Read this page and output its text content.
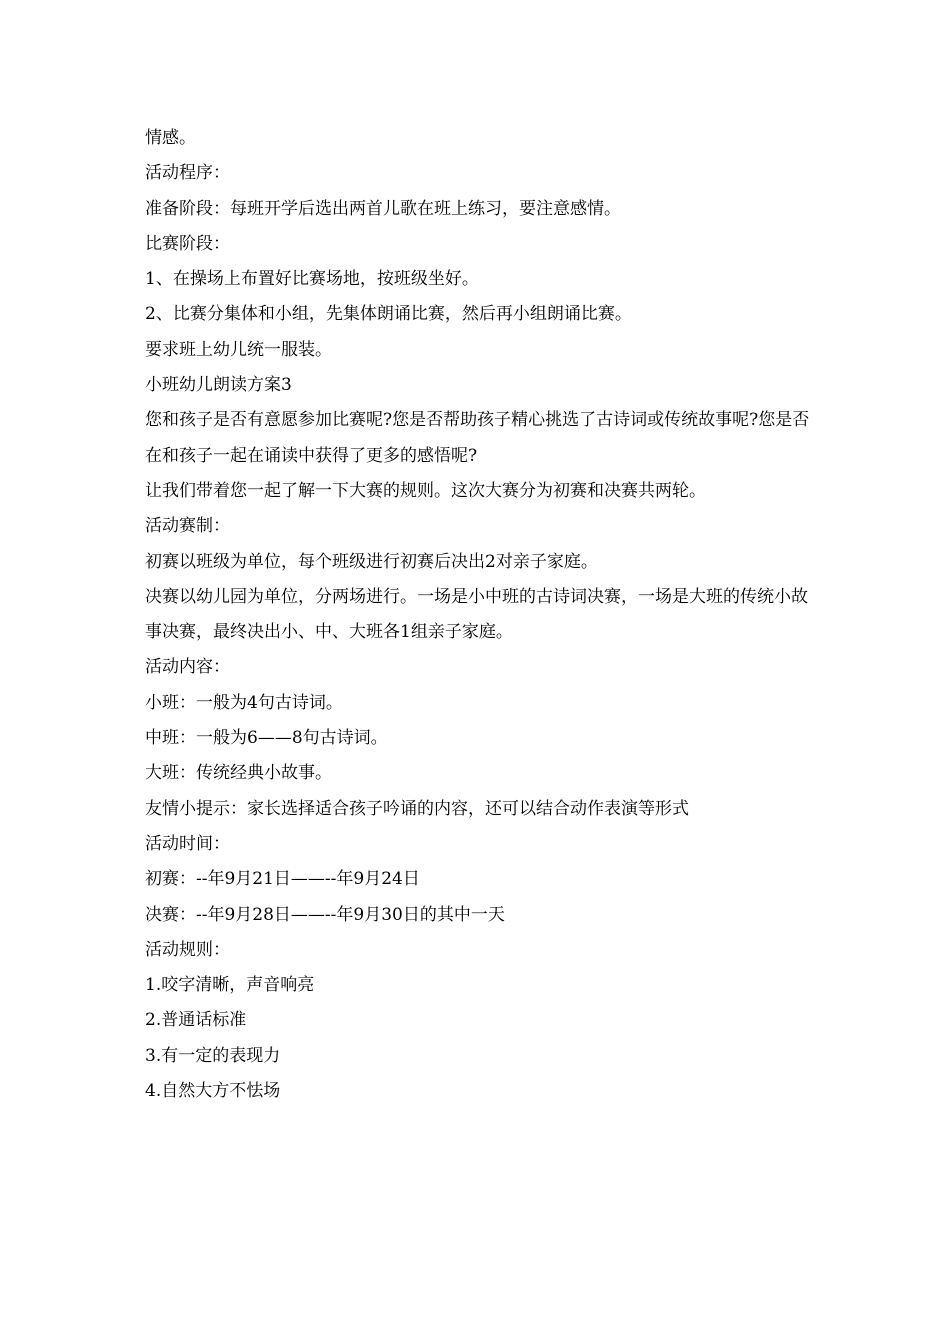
情感。

活动程序：

准备阶段：每班开学后选出两首儿歌在班上练习，要注意感情。

比赛阶段：

1、在操场上布置好比赛场地，按班级坐好。

2、比赛分集体和小组，先集体朗诵比赛，然后再小组朗诵比赛。

要求班上幼儿统一服装。

小班幼儿朗读方案3

您和孩子是否有意愿参加比赛呢?您是否帮助孩子精心挑选了古诗词或传统故事呢?您是否在和孩子一起在诵读中获得了更多的感悟呢?

让我们带着您一起了解一下大赛的规则。这次大赛分为初赛和决赛共两轮。

活动赛制：

初赛以班级为单位，每个班级进行初赛后决出2对亲子家庭。

决赛以幼儿园为单位，分两场进行。一场是小中班的古诗词决赛，一场是大班的传统小故事决赛，最终决出小、中、大班各1组亲子家庭。

活动内容：

小班：一般为4句古诗词。

中班：一般为6——8句古诗词。

大班：传统经典小故事。

友情小提示：家长选择适合孩子吟诵的内容，还可以结合动作表演等形式

活动时间：

初赛：--年9月21日——--年9月24日

决赛：--年9月28日——--年9月30日的其中一天

活动规则：

1.咬字清晰，声音响亮

2.普通话标准

3.有一定的表现力

4.自然大方不怯场
